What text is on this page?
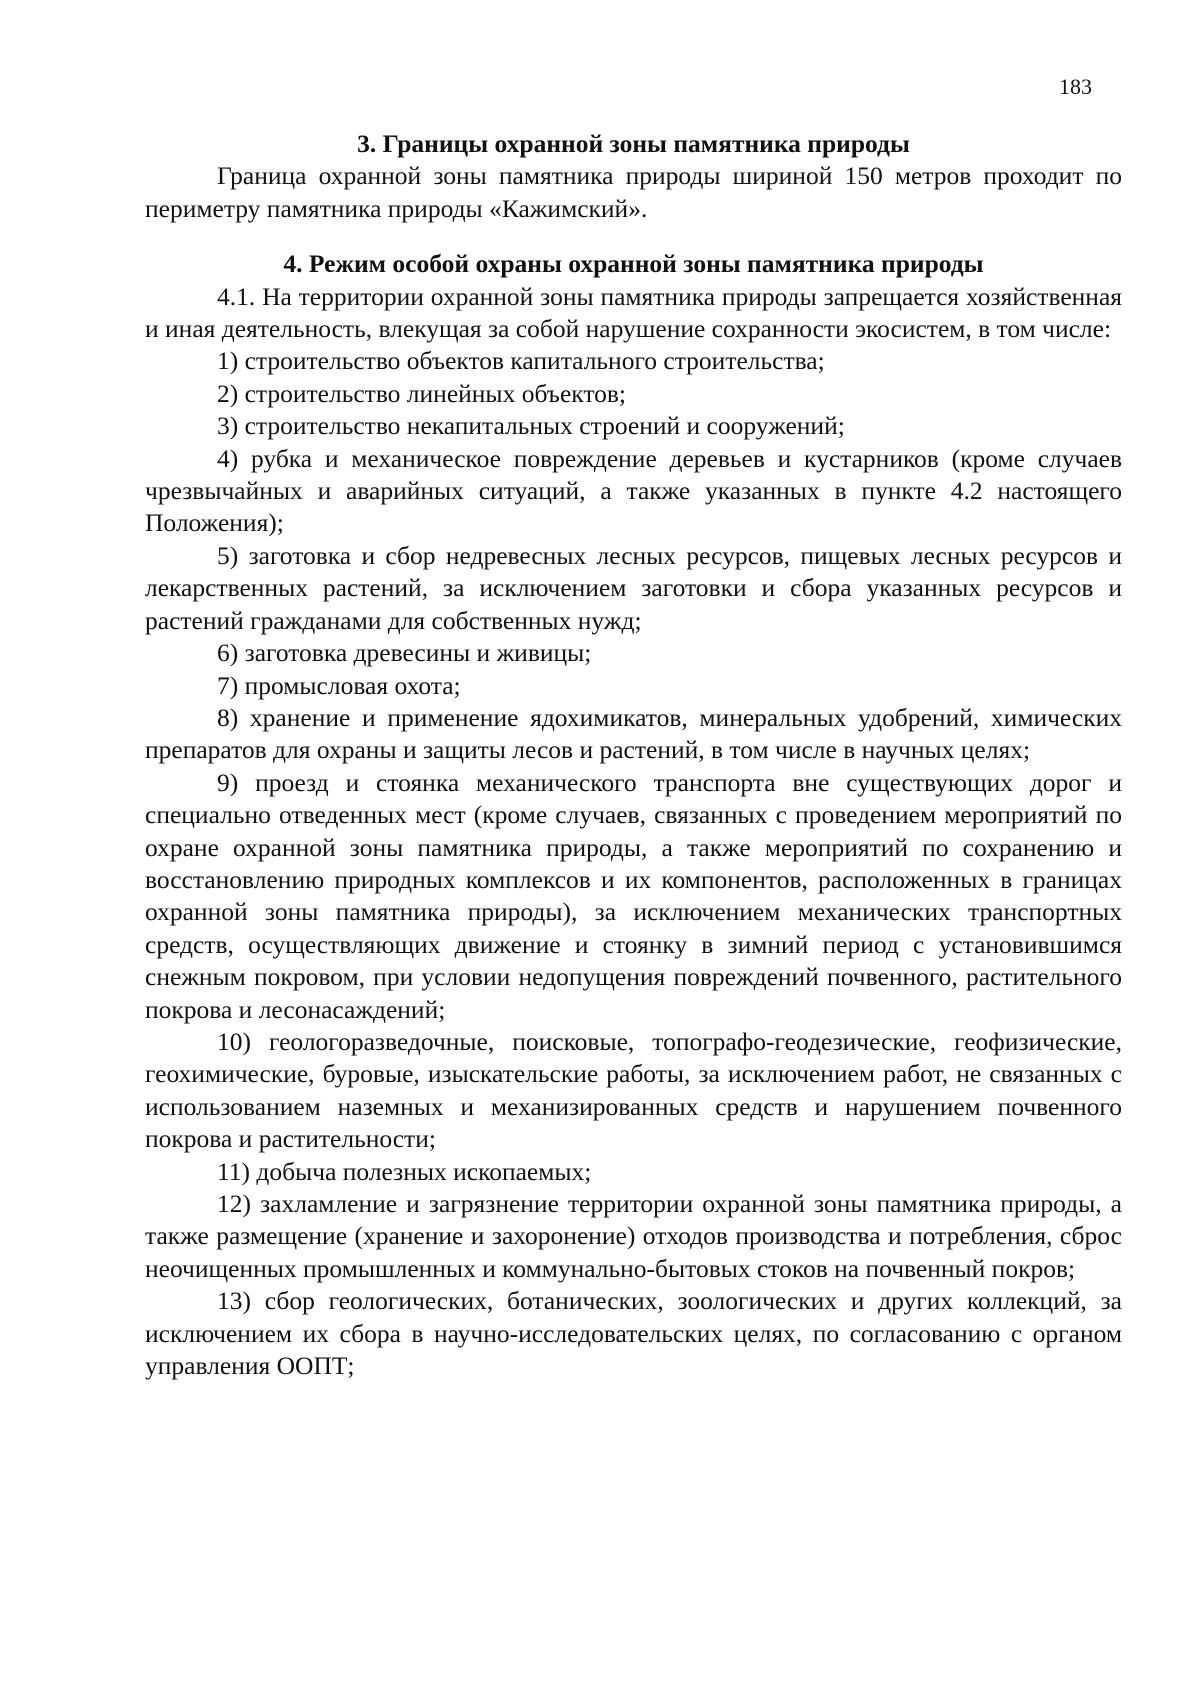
183
3. Границы охранной зоны памятника природы

Граница охранной зоны памятника природы шириной 150 метров проходит по периметру памятника природы «Кажимский».

4. Режим особой охраны охранной зоны памятника природы

4.1. На территории охранной зоны памятника природы запрещается хозяйственная и иная деятельность, влекущая за собой нарушение сохранности экосистем, в том числе:

1) строительство объектов капитального строительства;

2) строительство линейных объектов;

3) строительство некапитальных строений и сооружений;

4) рубка и механическое повреждение деревьев и кустарников (кроме случаев чрезвычайных и аварийных ситуаций, а также указанных в пункте 4.2 настоящего Положения);

5) заготовка и сбор недревесных лесных ресурсов, пищевых лесных ресурсов и лекарственных растений, за исключением заготовки и сбора указанных ресурсов и растений гражданами для собственных нужд;

6) заготовка древесины и живицы;

7) промысловая охота;

8) хранение и применение ядохимикатов, минеральных удобрений, химических препаратов для охраны и защиты лесов и растений, в том числе в научных целях;

9) проезд и стоянка механического транспорта вне существующих дорог и специально отведенных мест (кроме случаев, связанных с проведением мероприятий по охране охранной зоны памятника природы, а также мероприятий по сохранению и восстановлению природных комплексов и их компонентов, расположенных в границах охранной зоны памятника природы), за исключением механических транспортных средств, осуществляющих движение и стоянку в зимний период с установившимся снежным покровом, при условии недопущения повреждений почвенного, растительного покрова и лесонасаждений;

10) геологоразведочные, поисковые, топографо-геодезические, геофизические, геохимические, буровые, изыскательские работы, за исключением работ, не связанных с использованием наземных и механизированных средств и нарушением почвенного покрова и растительности;

11) добыча полезных ископаемых;

12) захламление и загрязнение территории охранной зоны памятника природы, а также размещение (хранение и захоронение) отходов производства и потребления, сброс неочищенных промышленных и коммунально-бытовых стоков на почвенный покров;

13) сбор геологических, ботанических, зоологических и других коллекций, за исключением их сбора в научно-исследовательских целях, по согласованию с органом управления ООПТ;
